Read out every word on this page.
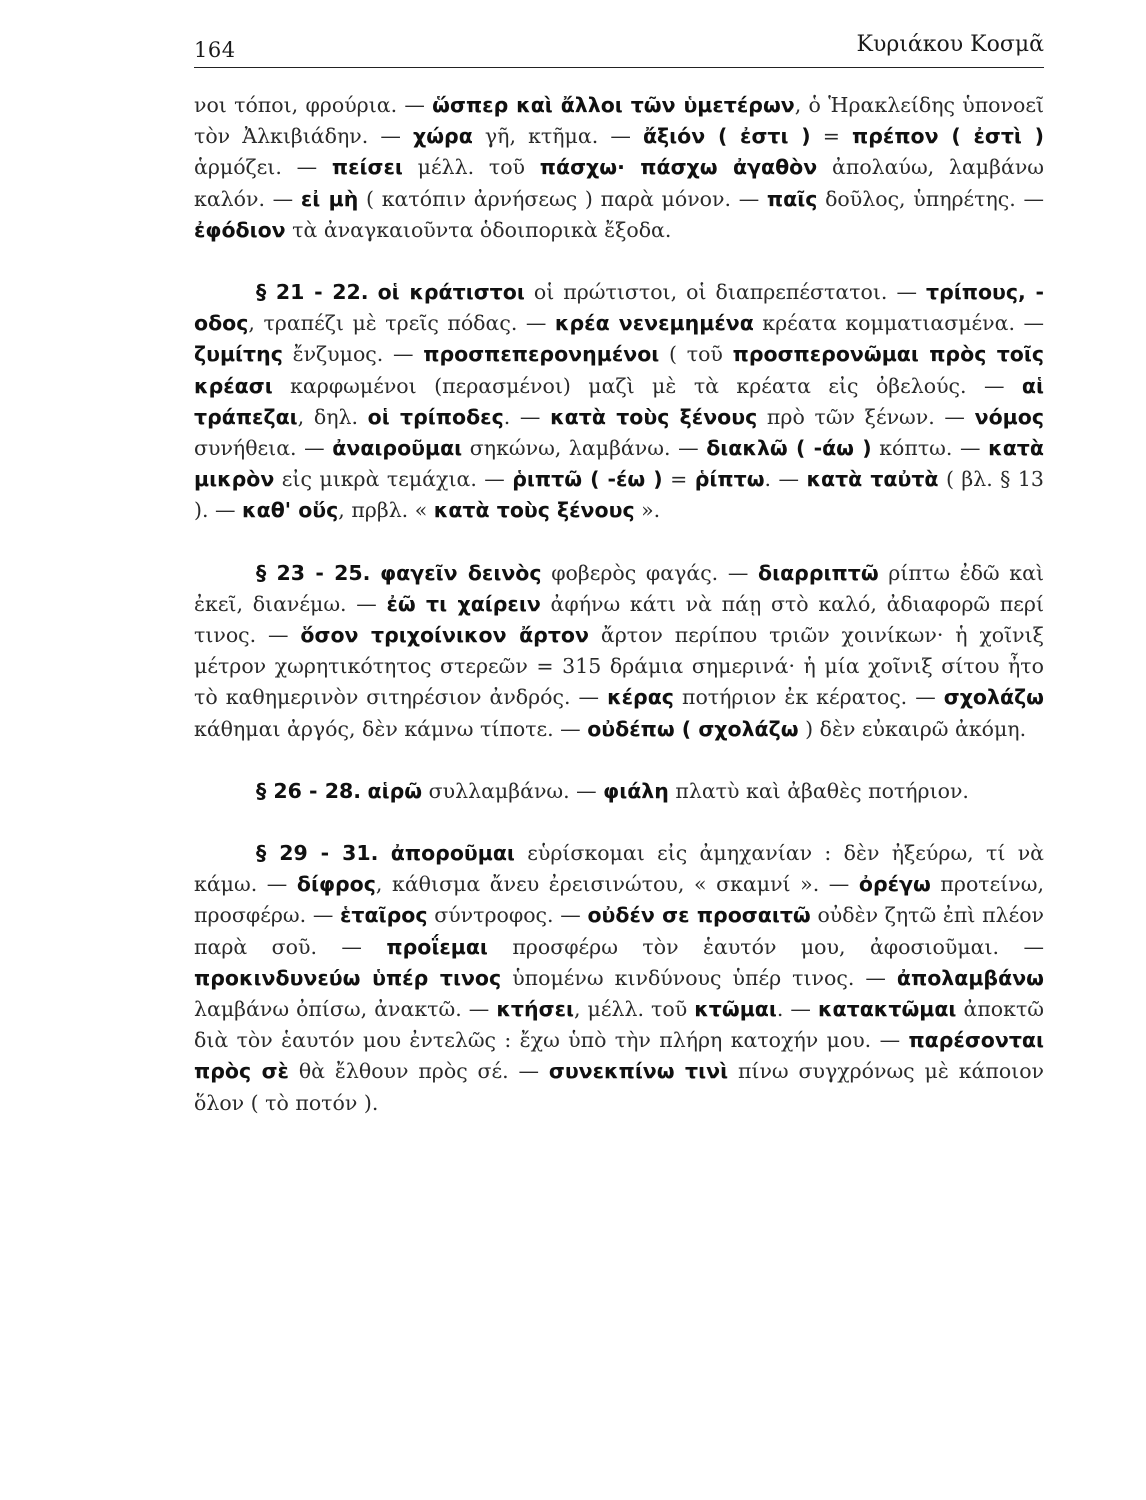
164	Κυριάκου Κοσμᾶ

νοι τόποι, φρούρια. — ὥσπερ καὶ ἄλλοι τῶν ὑμετέρων, ὁ Ἡρακλείδης ὑπονοεῖ τὸν Ἀλκιβιάδην. — χώρα γῆ, κτῆμα. — ἄξιόν ( ἐστι ) = πρέπον ( ἐστὶ ) ἁρμόζει. — πείσει μέλλ. τοῦ πάσχω· πάσχω ἀγαθὸν ἀπολαύω, λαμβάνω καλόν. — εἰ μὴ ( κατόπιν ἀρνήσεως ) παρὰ μόνον. — παῖς δοῦλος, ὑπηρέτης. — ἐφόδιον τὰ ἀναγκαιοῦντα ὁδοιπορικὰ ἔξοδα.

§ 21 - 22. οἱ κράτιστοι οἱ πρώτιστοι, οἱ διαπρεπέστατοι. — τρίπους, - οδος, τραπέζι μὲ τρεῖς πόδας. — κρέα νενεμημένα κρέατα κομματιασμένα. — ζυμίτης ἔνζυμος. — προσπεπερονημένοι ( τοῦ προσπερονῶμαι πρὸς τοῖς κρέασι καρφωμένοι (περασμένοι) μαζὶ μὲ τὰ κρέατα εἰς ὀβελούς. — αἱ τράπεζαι, δηλ. οἱ τρίποδες. — κατὰ τοὺς ξένους πρὸ τῶν ξένων. — νόμος συνήθεια. — ἀναιροῦμαι σηκώνω, λαμβάνω. — διακλῶ ( -άω ) κόπτω. — κατὰ μικρὸν εἰς μικρὰ τεμάχια. — ῥιπτῶ ( -έω ) = ῥίπτω. — κατὰ ταὐτὰ ( βλ. § 13 ). — καθ' οὕς, πρβλ. « κατὰ τοὺς ξένους ».

§ 23 - 25. φαγεῖν δεινὸς φοβερὸς φαγάς. — διαρριπτῶ ρίπτω ἐδῶ καὶ ἐκεῖ, διανέμω. — ἐῶ τι χαίρειν ἀφήνω κάτι νὰ πάῃ στὸ καλό, ἀδιαφορῶ περί τινος. — ὅσον τριχοίνικον ἄρτον ἄρτον περίπου τριῶν χοινίκων· ἡ χοῖνιξ μέτρον χωρητικότητος στερεῶν = 315 δράμια σημερινά· ἡ μία χοῖνιξ σίτου ἦτο τὸ καθημερινὸν σιτηρέσιον ἀνδρός. — κέρας ποτήριον ἐκ κέρατος. — σχολάζω κάθημαι ἀργός, δὲν κάμνω τίποτε. — οὐδέπω ( σχολάζω ) δὲν εὐκαιρῶ ἀκόμη.

§ 26 - 28. αἱρῶ συλλαμβάνω. — φιάλη πλατὺ καὶ ἀβαθὲς ποτήριον.

§ 29 - 31. ἀποροῦμαι εὑρίσκομαι εἰς ἀμηχανίαν : δὲν ἠξεύρω, τί νὰ κάμω. — δίφρος, κάθισμα ἄνευ ἐρεισινώτου, « σκαμνί ». — ὀρέγω προτείνω, προσφέρω. — ἑταῖρος σύντροφος. — οὐδέν σε προσαιτῶ οὐδὲν ζητῶ ἐπὶ πλέον παρὰ σοῦ. — προΐεμαι προσφέρω τὸν ἑαυτόν μου, ἀφοσιοῦμαι. — προκινδυνεύω ὑπέρ τινος ὑπομένω κινδύνους ὑπέρ τινος. — ἀπολαμβάνω λαμβάνω ὀπίσω, ἀνακτῶ. — κτήσει, μέλλ. τοῦ κτῶμαι. — κατακτῶμαι ἀποκτῶ διὰ τὸν ἑαυτόν μου ἐντελῶς : ἔχω ὑπὸ τὴν πλήρη κατοχήν μου. — παρέσονται πρὸς σὲ θὰ ἔλθουν πρὸς σέ. — συνεκπίνω τινὶ πίνω συγχρόνως μὲ κάποιον ὅλον ( τὸ ποτόν ).
